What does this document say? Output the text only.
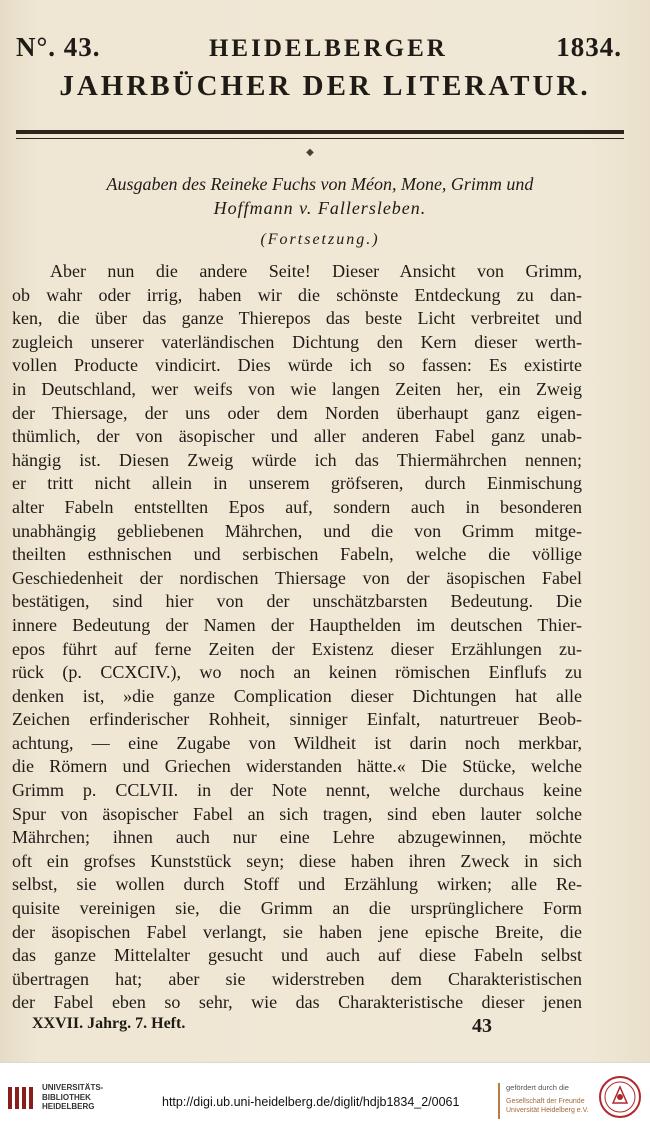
N°. 43.	HEIDELBERGER	1834.
JAHRBÜCHER DER LITERATUR.
◆
Ausgaben des Reineke Fuchs von Méon, Mone, Grimm und
Hoffmann v. Fallersleben.
(Fortsetzung.)
Aber nun die andere Seite! Dieser Ansicht von Grimm,
ob wahr oder irrig, haben wir die schönste Entdeckung zu dan-
ken, die über das ganze Thierepos das beste Licht verbreitet und
zugleich unserer vaterländischen Dichtung den Kern dieser werth-
vollen Producte vindicirt. Dies würde ich so fassen: Es existirte
in Deutschland, wer weifs von wie langen Zeiten her, ein Zweig
der Thiersage, der uns oder dem Norden überhaupt ganz eigen-
thümlich, der von äsopischer und aller anderen Fabel ganz unab-
hängig ist. Diesen Zweig würde ich das Thiermährchen nennen;
er tritt nicht allein in unserem gröfseren, durch Einmischung
alter Fabeln entstellten Epos auf, sondern auch in besonderen
unabhängig gebliebenen Mährchen, und die von Grimm mitge-
theilten esthnischen und serbischen Fabeln, welche die völlige
Geschiedenheit der nordischen Thiersage von der äsopischen Fabel
bestätigen, sind hier von der unschätzbarsten Bedeutung. Die
innere Bedeutung der Namen der Haupthelden im deutschen Thier-
epos führt auf ferne Zeiten der Existenz dieser Erzählungen zu-
rück (p. CCXCIV.), wo noch an keinen römischen Einflufs zu
denken ist, »die ganze Complication dieser Dichtungen hat alle
Zeichen erfinderischer Rohheit, sinniger Einfalt, naturtreuer Beob-
achtung, — eine Zugabe von Wildheit ist darin noch merkbar,
die Römern und Griechen widerstanden hätte.« Die Stücke, welche
Grimm p. CCLVII. in der Note nennt, welche durchaus keine
Spur von äsopischer Fabel an sich tragen, sind eben lauter solche
Mährchen; ihnen auch nur eine Lehre abzugewinnen, möchte
oft ein grofses Kunststück seyn; diese haben ihren Zweck in sich
selbst, sie wollen durch Stoff und Erzählung wirken; alle Re-
quisite vereinigen sie, die Grimm an die ursprünglichere Form
der äsopischen Fabel verlangt, sie haben jene epische Breite, die
das ganze Mittelalter gesucht und auch auf diese Fabeln selbst
übertragen hat; aber sie widerstreben dem Charakteristischen
der Fabel eben so sehr, wie das Charakteristische dieser jenen
XXVII. Jahrg. 7. Heft.	43
UNIVERSITÄTS-
BIBLIOTHEK
HEIDELBERG	http://digi.ub.uni-heidelberg.de/diglit/hdjb1834_2/0061
gefördert durch die
Gesellschaft der Freunde
Universität Heidelberg e.V.
